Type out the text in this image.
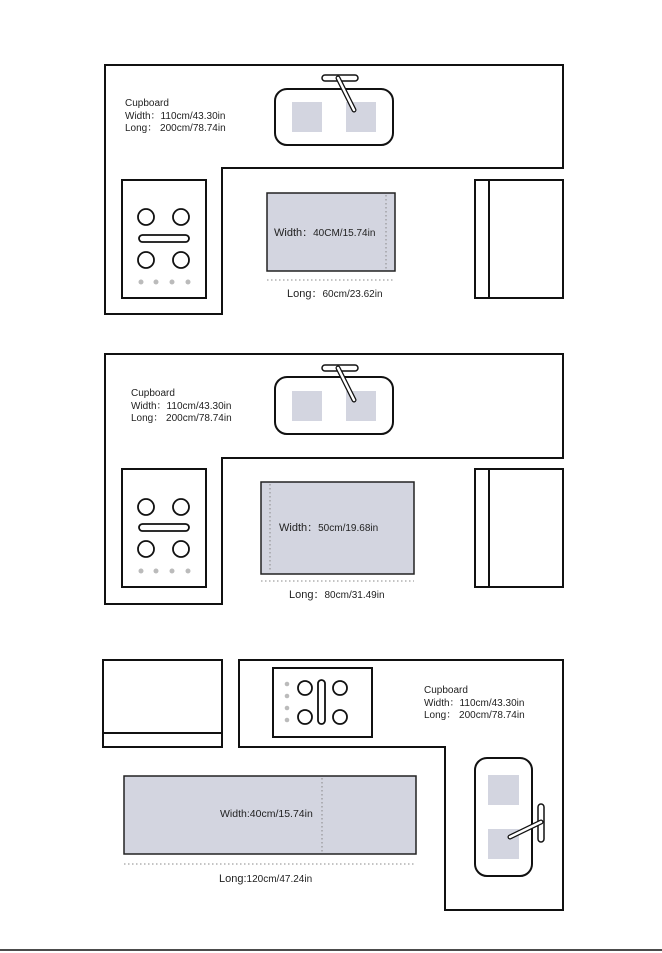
Cupboard
Width：110cm/43.30in
Long： 200cm/78.74in
Width：40CM/15.74in
Long：60cm/23.62in
Cupboard
Width：110cm/43.30in
Long： 200cm/78.74in
Width：50cm/19.68in
Long：80cm/31.49in
Cupboard
Width：110cm/43.30in
Long： 200cm/78.74in
Width:40cm/15.74in
Long:120cm/47.24in
